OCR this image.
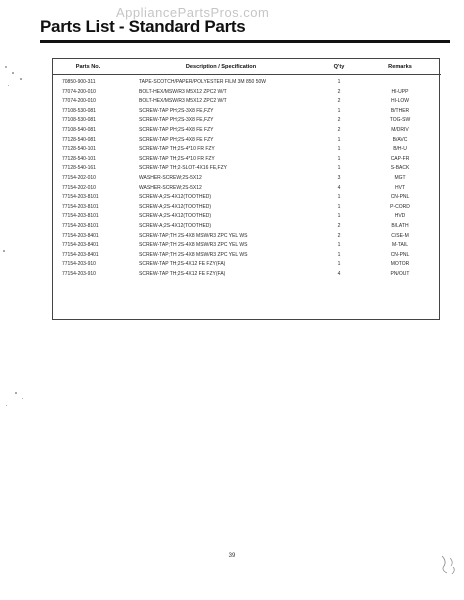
AppliancePartsPros.com
Parts List - Standard Parts
Parts No.	Description / Specification	Q'ty	Remarks
70850-900-311	TAPE-SCOTCH/PAPER/POLYESTER FILM 3M 850 50W	1	
77074-200-010	BOLT-HEX/MSW/R3 M5X12 ZPC2 W/T	2	HI-UPP
77074-200-010	BOLT-HEX/MSW/R3 M5X12 ZPC2 W/T	2	HI-LOW
77108-530-081	SCREW-TAP PH;2S-3X8 FE,FZY	1	B/THER
77108-530-081	SCREW-TAP PH;2S-3X8 FE,FZY	2	TOG-SW
77108-540-081	SCREW-TAP PH;2S-4X8 FE FZY	2	M/DRIV
77128-540-081	SCREW-TAP PH;2S-4X8 FE FZY	1	B/AVC
77128-540-101	SCREW-TAP TH;2S-4*10 FR FZY	1	B/H-U
77128-540-101	SCREW-TAP TH;2S-4*10 FR FZY	1	CAP-FR
77128-540-161	SCREW-TAP TH;2-SLOT-4X16 FE,FZY	1	S-BACK
77154-202-010	WASHER-SCREW;2S-5X12	3	MGT
77154-202-010	WASHER-SCREW;2S-5X12	4	HVT
77154-203-8101	SCREW-A;2S-4X12(TOOTHED)	1	CN-PNL
77154-203-8101	SCREW-A;2S-4X12(TOOTHED)	1	P-CORD
77154-203-8101	SCREW-A;2S-4X12(TOOTHED)	1	HVD
77154-203-8101	SCREW-A;2S-4X12(TOOTHED)	2	B/LATH
77154-203-8401	SCREW-TAP;TH 2S-4X8 MSW/R3 ZPC YEL WS	2	C/SE-M
77154-203-8401	SCREW-TAP;TH 2S-4X8 MSW/R3 ZPC YEL WS	1	M-TAIL
77154-203-8401	SCREW-TAP;TH 2S-4X8 MSW/R3 ZPC YEL WS	1	CN-PNL
77154-203-910	SCREW-TAP TH;2S-4X12 FE FZY(FA)	1	MOTOR
77154-203-910	SCREW-TAP TH;2S-4X12 FE FZY(FA)	4	PN/OUT
39
